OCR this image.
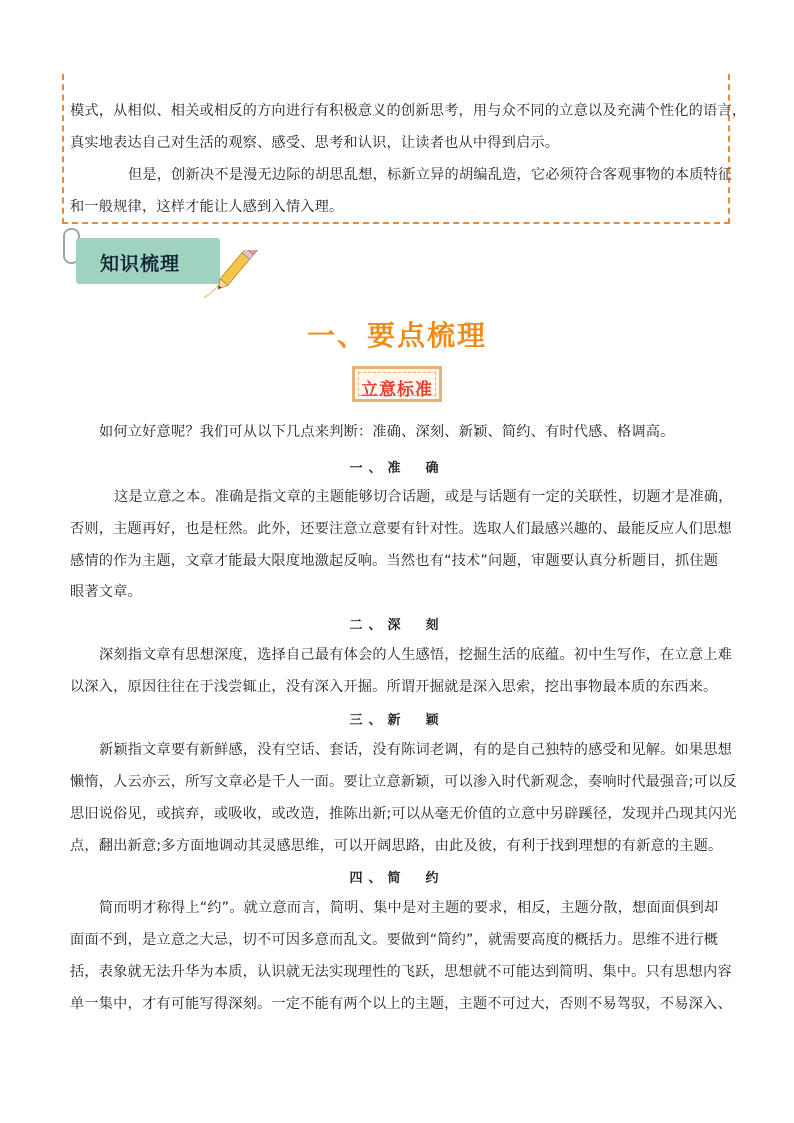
模式，从相似、相关或相反的方向进行有积极意义的创新思考，用与众不同的立意以及充满个性化的语言，
真实地表达自己对生活的观察、感受、思考和认识，让读者也从中得到启示。
但是，创新决不是漫无边际的胡思乱想，标新立异的胡编乱造，它必须符合客观事物的本质特征
和一般规律，这样才能让人感到入情入理。
知识梳理
一、要点梳理
立意标准
如何立好意呢？我们可从以下几点来判断：准确、深刻、新颖、简约、有时代感、格调高。
一、准　确
这是立意之本。准确是指文章的主题能够切合话题，或是与话题有一定的关联性，切题才是准确，
否则，主题再好，也是枉然。此外，还要注意立意要有针对性。选取人们最感兴趣的、最能反应人们思想
感情的作为主题，文章才能最大限度地激起反响。当然也有“技术”问题，审题要认真分析题目，抓住题
眼著文章。
二、深　刻
深刻指文章有思想深度，选择自己最有体会的人生感悟，挖掘生活的底蕴。初中生写作，在立意上难
以深入，原因往往在于浅尝辄止，没有深入开掘。所谓开掘就是深入思索，挖出事物最本质的东西来。
三、新　颖
新颖指文章要有新鲜感，没有空话、套话，没有陈词老调，有的是自己独特的感受和见解。如果思想
懒惰，人云亦云，所写文章必是千人一面。要让立意新颖，可以渗入时代新观念，奏响时代最强音;可以反
思旧说俗见，或摈弃，或吸收，或改造，推陈出新;可以从毫无价值的立意中另辟蹊径，发现并凸现其闪光
点，翻出新意;多方面地调动其灵感思维，可以开阔思路，由此及彼，有利于找到理想的有新意的主题。
四、简　约
简而明才称得上“约”。就立意而言，简明、集中是对主题的要求，相反，主题分散，想面面俱到却
面面不到，是立意之大忌，切不可因多意而乱文。要做到“简约”，就需要高度的概括力。思维不进行概
括，表象就无法升华为本质，认识就无法实现理性的飞跃，思想就不可能达到简明、集中。只有思想内容
单一集中，才有可能写得深刻。一定不能有两个以上的主题，主题不可过大，否则不易驾驭，不易深入、
